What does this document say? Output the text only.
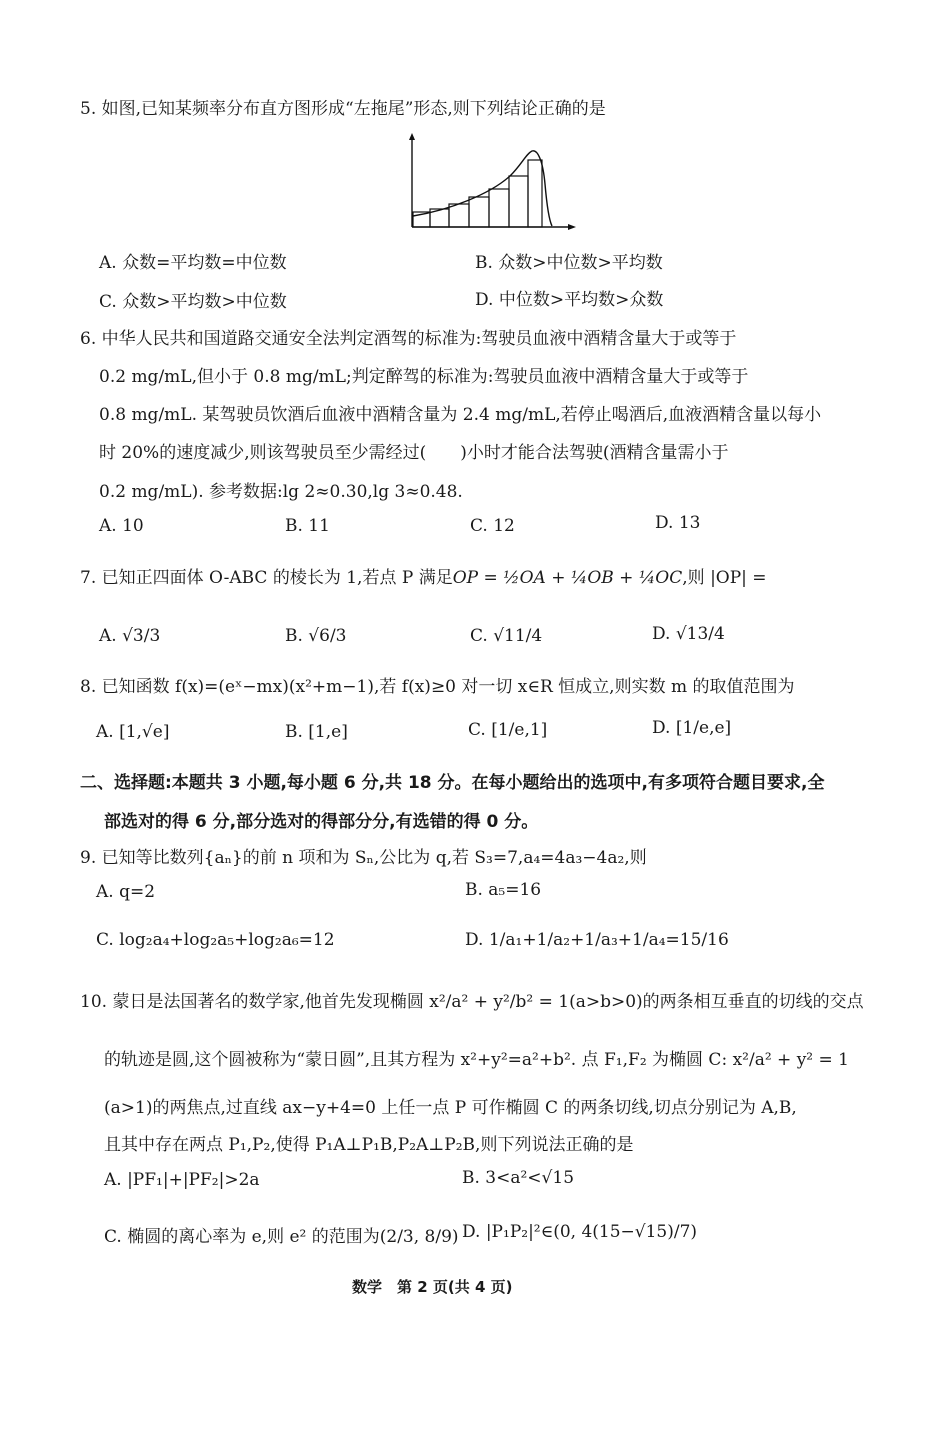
5. 如图,已知某频率分布直方图形成“左拖尾”形态,则下列结论正确的是
A. 众数=平均数=中位数	B. 众数>中位数>平均数
C. 众数>平均数>中位数	D. 中位数>平均数>众数
6. 中华人民共和国道路交通安全法判定酒驾的标准为:驾驶员血液中酒精含量大于或等于
0.2 mg/mL,但小于 0.8 mg/mL;判定醉驾的标准为:驾驶员血液中酒精含量大于或等于
0.8 mg/mL. 某驾驶员饮酒后血液中酒精含量为 2.4 mg/mL,若停止喝酒后,血液酒精含量以每小
时 20%的速度减少,则该驾驶员至少需经过(　　)小时才能合法驾驶(酒精含量需小于
0.2 mg/mL). 参考数据:lg 2≈0.30,lg 3≈0.48.
A. 10	B. 11	C. 12	D. 13
7. 已知正四面体 O-ABC 的棱长为 1,若点 P 满足OP = ½OA + ¼OB + ¼OC,则 |OP| =
A. √3/3	B. √6/3	C. √11/4	D. √13/4
8. 已知函数 f(x)=(eˣ−mx)(x²+m−1),若 f(x)≥0 对一切 x∈R 恒成立,则实数 m 的取值范围为
A. [1,√e]	B. [1,e]	C. [1/e,1]	D. [1/e,e]
二、选择题:本题共 3 小题,每小题 6 分,共 18 分。在每小题给出的选项中,有多项符合题目要求,全
部选对的得 6 分,部分选对的得部分分,有选错的得 0 分。
9. 已知等比数列{aₙ}的前 n 项和为 Sₙ,公比为 q,若 S₃=7,a₄=4a₃−4a₂,则
A. q=2	B. a₅=16
C. log₂a₄+log₂a₅+log₂a₆=12	D. 1/a₁+1/a₂+1/a₃+1/a₄=15/16
10. 蒙日是法国著名的数学家,他首先发现椭圆 x²/a² + y²/b² = 1(a>b>0)的两条相互垂直的切线的交点
的轨迹是圆,这个圆被称为“蒙日圆”,且其方程为 x²+y²=a²+b². 点 F₁,F₂ 为椭圆 C: x²/a² + y² = 1
(a>1)的两焦点,过直线 ax−y+4=0 上任一点 P 可作椭圆 C 的两条切线,切点分别记为 A,B,
且其中存在两点 P₁,P₂,使得 P₁A⊥P₁B,P₂A⊥P₂B,则下列说法正确的是
A. |PF₁|+|PF₂|>2a	B. 3<a²<√15
C. 椭圆的离心率为 e,则 e² 的范围为(2/3, 8/9) D. |P₁P₂|²∈(0, 4(15−√15)/7)
数学　第 2 页(共 4 页)
